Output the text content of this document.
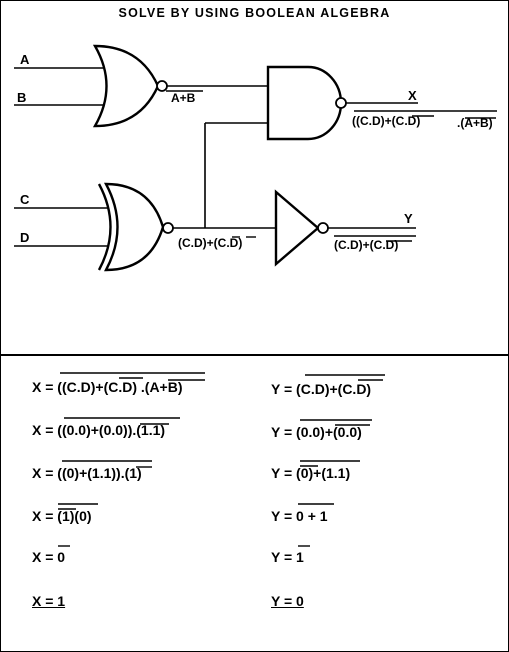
SOLVE BY USING BOOLEAN ALGEBRA
A
B
C
D
A+B	X
((C.D)+(C.D)	.(A+B)
(C.D)+(C.D)
Y
(C.D)+(C.D)
X = ((C.D)+(C.D) .(A+B)
X = ((0.0)+(0.0)).(1.1)
X = ((0)+(1.1)).(1)
X = (1)(0)
X = 0
X = 1
Y = (C.D)+(C.D)
Y = (0.0)+(0.0)
Y = (0)+(1.1)
Y = 0 + 1
Y = 1
Y = 0
